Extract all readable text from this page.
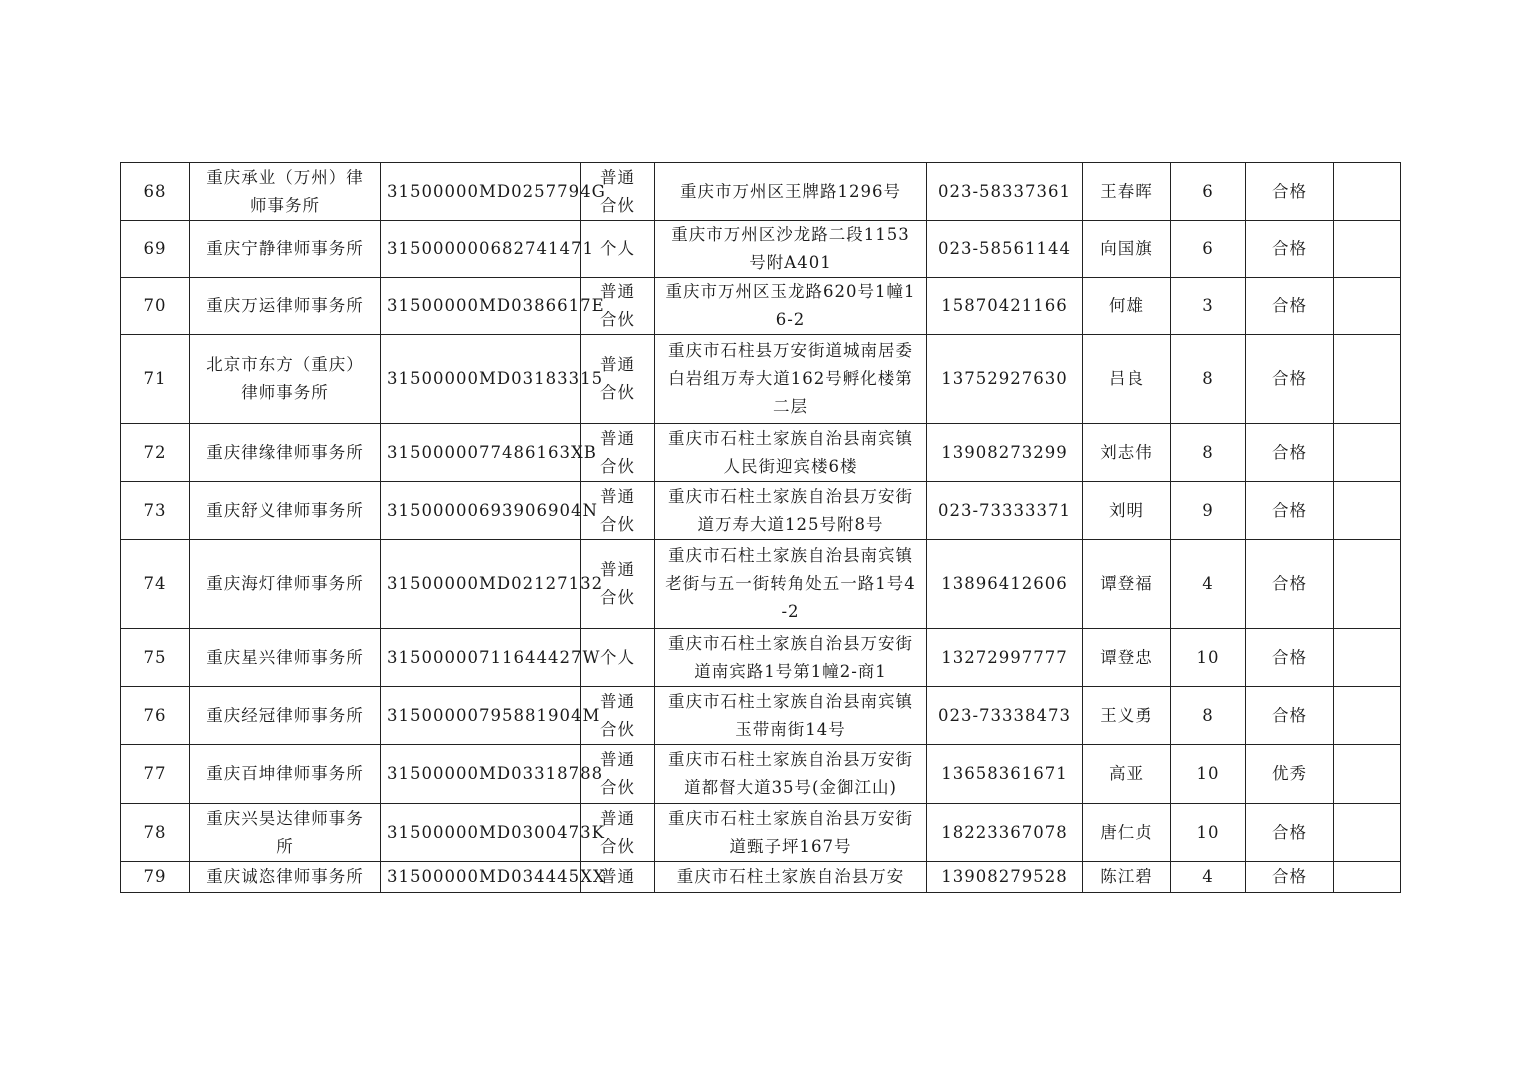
68	重庆承业（万州）律师事务所	31500000MD0257794G	普通合伙	重庆市万州区王牌路1296号	023-58337361	王春晖	6	合格	
69	重庆宁静律师事务所	315000000682741471	个人	重庆市万州区沙龙路二段1153号附A401	023-58561144	向国旗	6	合格	
70	重庆万运律师事务所	31500000MD0386617E	普通合伙	重庆市万州区玉龙路620号1幢16-2	15870421166	何雄	3	合格	
71	北京市东方（重庆）律师事务所	31500000MD03183315	普通合伙	重庆市石柱县万安街道城南居委白岩组万寿大道162号孵化楼第二层	13752927630	吕良	8	合格	
72	重庆律缘律师事务所	3150000077486163XB	普通合伙	重庆市石柱土家族自治县南宾镇人民街迎宾楼6楼	13908273299	刘志伟	8	合格	
73	重庆舒义律师事务所	31500000693906904N	普通合伙	重庆市石柱土家族自治县万安街道万寿大道125号附8号	023-73333371	刘明	9	合格	
74	重庆海灯律师事务所	31500000MD02127132	普通合伙	重庆市石柱土家族自治县南宾镇老街与五一街转角处五一路1号4-2	13896412606	谭登福	4	合格	
75	重庆星兴律师事务所	31500000711644427W	个人	重庆市石柱土家族自治县万安街道南宾路1号第1幢2-商1	13272997777	谭登忠	10	合格	
76	重庆经冠律师事务所	31500000795881904M	普通合伙	重庆市石柱土家族自治县南宾镇玉带南街14号	023-73338473	王义勇	8	合格	
77	重庆百坤律师事务所	31500000MD03318788	普通合伙	重庆市石柱土家族自治县万安街道都督大道35号(金御江山)	13658361671	高亚	10	优秀	
78	重庆兴昊达律师事务所	31500000MD0300473K	普通合伙	重庆市石柱土家族自治县万安街道甄子坪167号	18223367078	唐仁贞	10	合格	
79	重庆诚恣律师事务所	31500000MD034445XX	普通	重庆市石柱土家族自治县万安	13908279528	陈江碧	4	合格	
